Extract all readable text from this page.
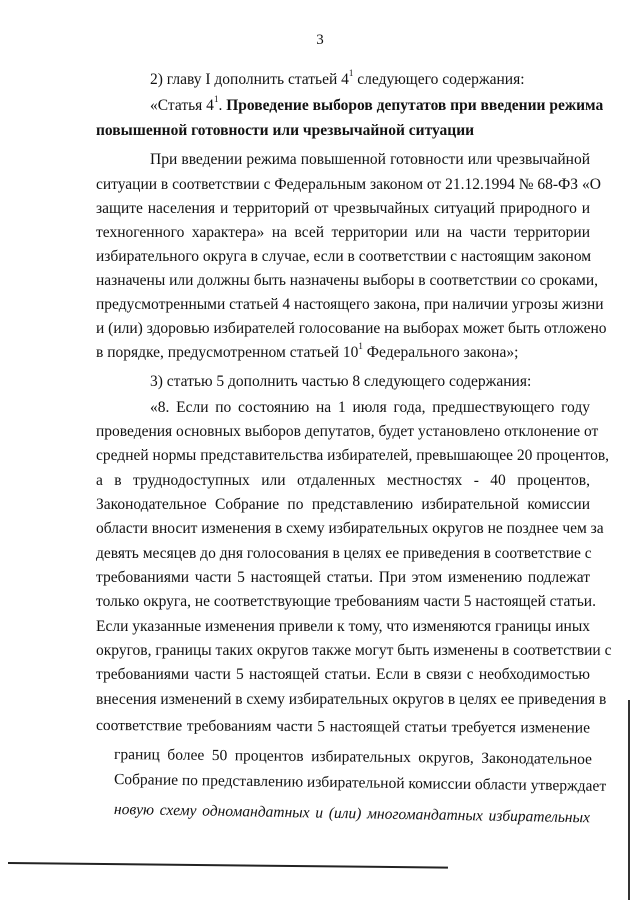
3
2) главу I дополнить статьей $4^1$ следующего содержания:
«Статья $4^1$. Проведение выборов депутатов при введении режима
повышенной готовности или чрезвычайной ситуации
При введении режима повышенной готовности или чрезвычайной
ситуации в соответствии с Федеральным законом от 21.12.1994 № 68-ФЗ «О
защите населения и территорий от чрезвычайных ситуаций природного и
техногенного характера» на всей территории или на части территории
избирательного округа в случае, если в соответствии с настоящим законом
назначены или должны быть назначены выборы в соответствии со сроками,
предусмотренными статьей 4 настоящего закона, при наличии угрозы жизни
и (или) здоровью избирателей голосование на выборах может быть отложено
в порядке, предусмотренном статьей $10^1$ Федерального закона»;
3) статью 5 дополнить частью 8 следующего содержания:
«8. Если по состоянию на 1 июля года, предшествующего году
проведения основных выборов депутатов, будет установлено отклонение от
средней нормы представительства избирателей, превышающее 20 процентов,
а в труднодоступных или отдаленных местностях - 40 процентов,
Законодательное Собрание по представлению избирательной комиссии
области вносит изменения в схему избирательных округов не позднее чем за
девять месяцев до дня голосования в целях ее приведения в соответствие с
требованиями части 5 настоящей статьи. При этом изменению подлежат
только округа, не соответствующие требованиям части 5 настоящей статьи.
Если указанные изменения привели к тому, что изменяются границы иных
округов, границы таких округов также могут быть изменены в соответствии с
требованиями части 5 настоящей статьи. Если в связи с необходимостью
внесения изменений в схему избирательных округов в целях ее приведения в
соответствие требованиям части 5 настоящей статьи требуется изменение
границ более 50 процентов избирательных округов, Законодательное
Собрание по представлению избирательной комиссии области утверждает
новую схему одномандатных и (или) многомандатных избирательных
